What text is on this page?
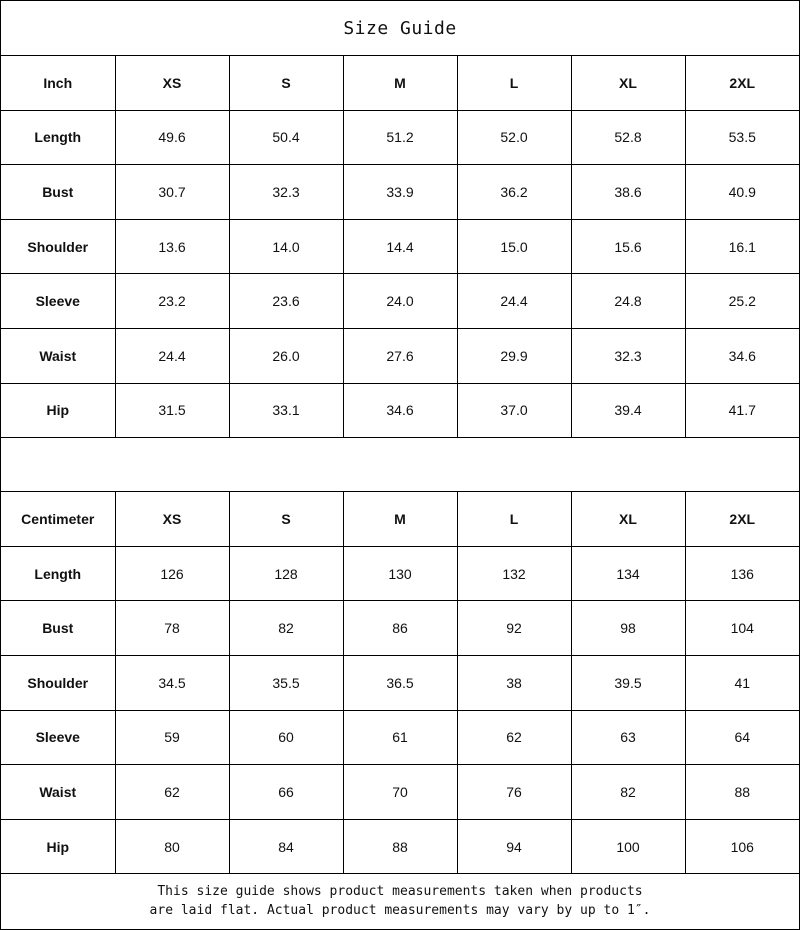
Size Guide
Inch	XS	S	M	L	XL	2XL
Length	49.6	50.4	51.2	52.0	52.8	53.5
Bust	30.7	32.3	33.9	36.2	38.6	40.9
Shoulder	13.6	14.0	14.4	15.0	15.6	16.1
Sleeve	23.2	23.6	24.0	24.4	24.8	25.2
Waist	24.4	26.0	27.6	29.9	32.3	34.6
Hip	31.5	33.1	34.6	37.0	39.4	41.7
Centimeter	XS	S	M	L	XL	2XL
Length	126	128	130	132	134	136
Bust	78	82	86	92	98	104
Shoulder	34.5	35.5	36.5	38	39.5	41
Sleeve	59	60	61	62	63	64
Waist	62	66	70	76	82	88
Hip	80	84	88	94	100	106
This size guide shows product measurements taken when products
are laid flat. Actual product measurements may vary by up to 1″.
